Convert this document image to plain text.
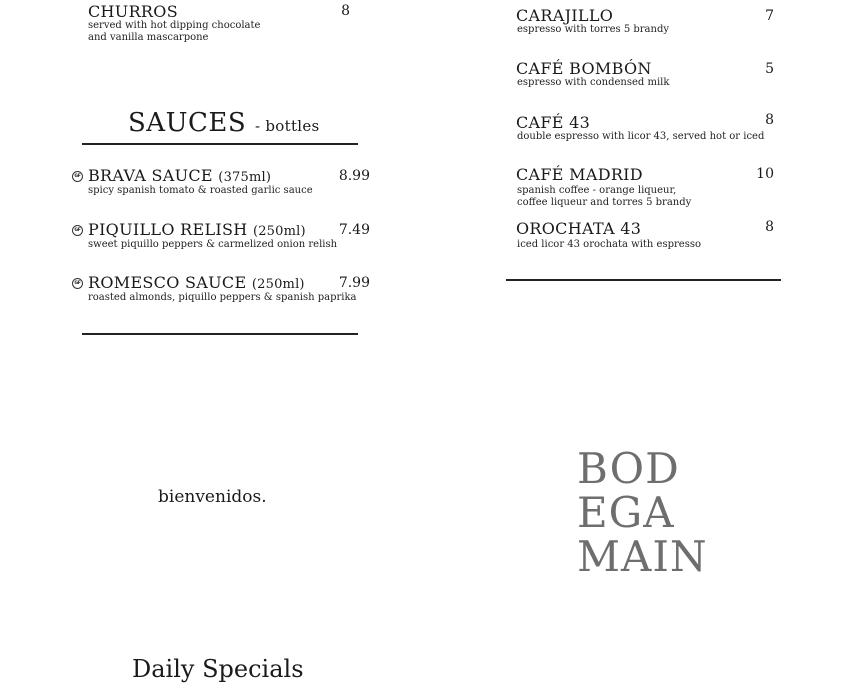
CHURROS	8
served with hot dipping chocolate
and vanilla mascarpone
SAUCES - bottles
GF BRAVA SAUCE (375ml)	8.99
spicy spanish tomato & roasted garlic sauce
GF PIQUILLO RELISH (250ml)	7.49
sweet piquillo peppers & carmelized onion relish
GF ROMESCO SAUCE (250ml)	7.99
roasted almonds, piquillo peppers & spanish paprika
bienvenidos.
Daily Specials
CARAJILLO	7
espresso with torres 5 brandy
CAFÉ BOMBÓN	5
espresso with condensed milk
CAFÉ 43	8
double espresso with licor 43, served hot or iced
CAFÉ MADRID	10
spanish coffee - orange liqueur,
coffee liqueur and torres 5 brandy
OROCHATA 43	8
iced licor 43 orochata with espresso
BOD
EGA
MAIN
